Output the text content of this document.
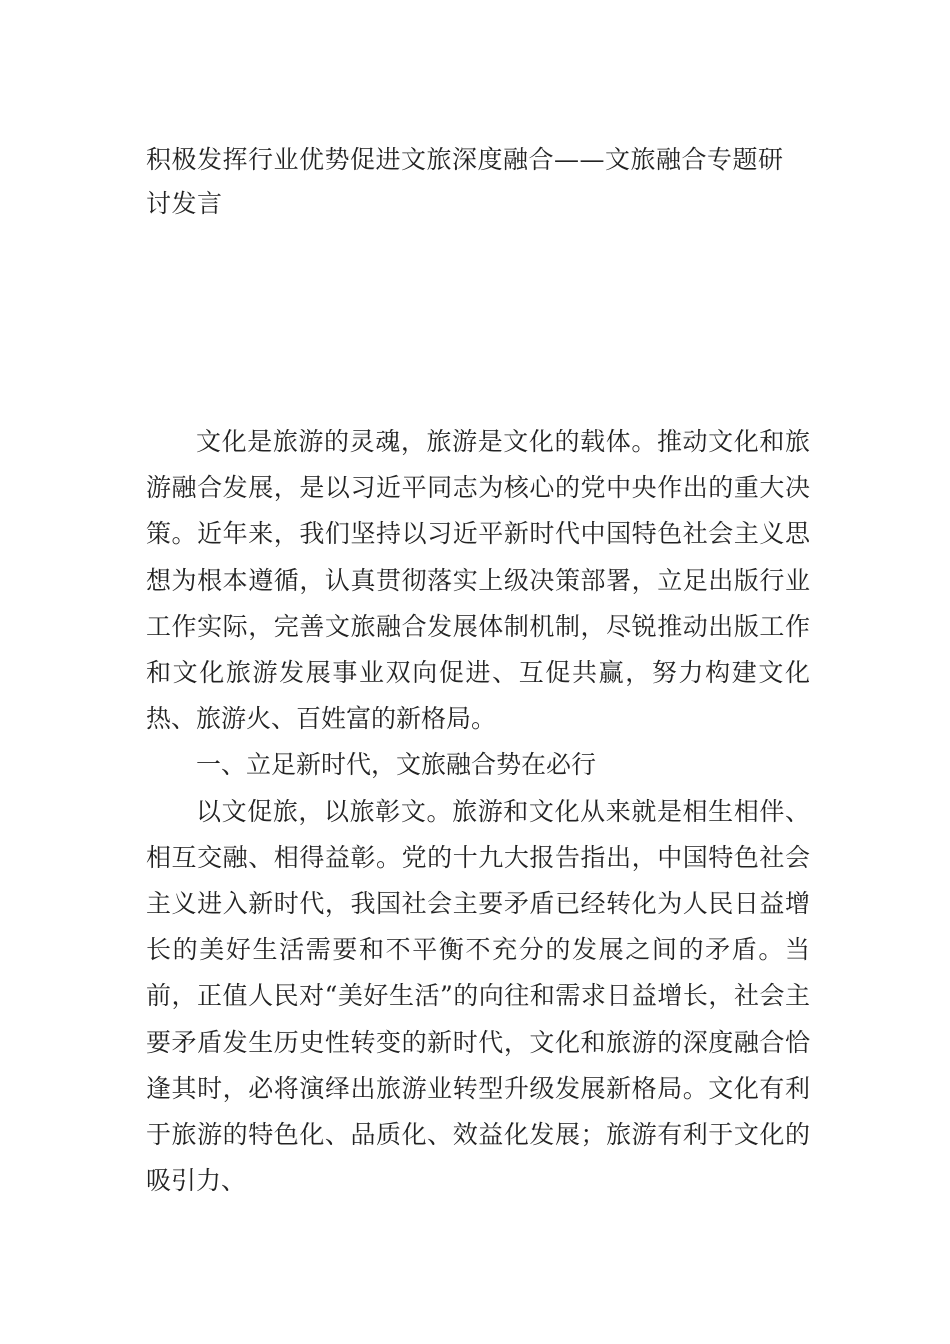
积极发挥行业优势促进文旅深度融合——文旅融合专题研讨发言

文化是旅游的灵魂，旅游是文化的载体。推动文化和旅游融合发展，是以习近平同志为核心的党中央作出的重大决策。近年来，我们坚持以习近平新时代中国特色社会主义思想为根本遵循，认真贯彻落实上级决策部署，立足出版行业工作实际，完善文旅融合发展体制机制，尽锐推动出版工作和文化旅游发展事业双向促进、互促共赢，努力构建文化热、旅游火、百姓富的新格局。

一、立足新时代，文旅融合势在必行

以文促旅，以旅彰文。旅游和文化从来就是相生相伴、相互交融、相得益彰。党的十九大报告指出，中国特色社会主义进入新时代，我国社会主要矛盾已经转化为人民日益增长的美好生活需要和不平衡不充分的发展之间的矛盾。当前，正值人民对“美好生活”的向往和需求日益增长，社会主要矛盾发生历史性转变的新时代，文化和旅游的深度融合恰逢其时，必将演绎出旅游业转型升级发展新格局。文化有利于旅游的特色化、品质化、效益化发展；旅游有利于文化的吸引力、
